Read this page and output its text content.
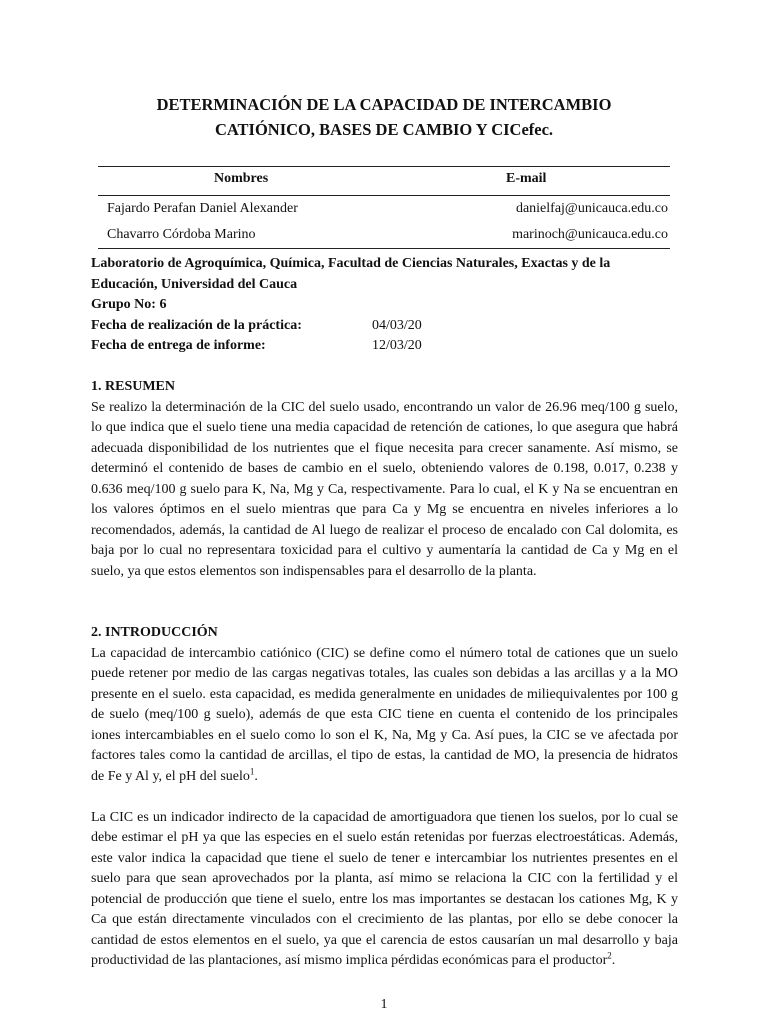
DETERMINACIÓN DE LA CAPACIDAD DE INTERCAMBIO
CATIÓNICO, BASES DE CAMBIO Y CICefec.
Nombres	E-mail
Fajardo Perafan Daniel Alexander	danielfaj@unicauca.edu.co
Chavarro Córdoba Marino	marinoch@unicauca.edu.co
Laboratorio de Agroquímica, Química, Facultad de Ciencias Naturales, Exactas y de la
Educación, Universidad del Cauca
Grupo No: 6
Fecha de realización de la práctica:	04/03/20
Fecha de entrega de informe:	12/03/20
1. RESUMEN

Se realizo la determinación de la CIC del suelo usado, encontrando un valor de 26.96 meq/100 g suelo, lo que indica que el suelo tiene una media capacidad de retención de cationes, lo que asegura que habrá adecuada disponibilidad de los nutrientes que el fique necesita para crecer sanamente. Así mismo, se determinó el contenido de bases de cambio en el suelo, obteniendo valores de 0.198, 0.017, 0.238 y 0.636 meq/100 g suelo para K, Na, Mg y Ca, respectivamente. Para lo cual, el K y Na se encuentran en los valores óptimos en el suelo mientras que para Ca y Mg se encuentra en niveles inferiores a lo recomendados, además, la cantidad de Al luego de realizar el proceso de encalado con Cal dolomita, es baja por lo cual no representara toxicidad para el cultivo y aumentaría la cantidad de Ca y Mg en el suelo, ya que estos elementos son indispensables para el desarrollo de la planta.

2. INTRODUCCIÓN

La capacidad de intercambio catiónico (CIC) se define como el número total de cationes que un suelo puede retener por medio de las cargas negativas totales, las cuales son debidas a las arcillas y a la MO presente en el suelo. esta capacidad, es medida generalmente en unidades de miliequivalentes por 100 g de suelo (meq/100 g suelo), además de que esta CIC tiene en cuenta el contenido de los principales iones intercambiables en el suelo como lo son el K, Na, Mg y Ca. Así pues, la CIC se ve afectada por factores tales como la cantidad de arcillas, el tipo de estas, la cantidad de MO, la presencia de hidratos de Fe y Al y, el pH del suelo$^1$.

La CIC es un indicador indirecto de la capacidad de amortiguadora que tienen los suelos, por lo cual se debe estimar el pH ya que las especies en el suelo están retenidas por fuerzas electroestáticas. Además, este valor indica la capacidad que tiene el suelo de tener e intercambiar los nutrientes presentes en el suelo para que sean aprovechados por la planta, así mimo se relaciona la CIC con la fertilidad y el potencial de producción que tiene el suelo, entre los mas importantes se destacan los cationes Mg, K y Ca que están directamente vinculados con el crecimiento de las plantas, por ello se debe conocer la cantidad de estos elementos en el suelo, ya que el carencia de estos causarían un mal desarrollo y baja productividad de las plantaciones, así mismo implica pérdidas económicas para el productor$^2$.

1
